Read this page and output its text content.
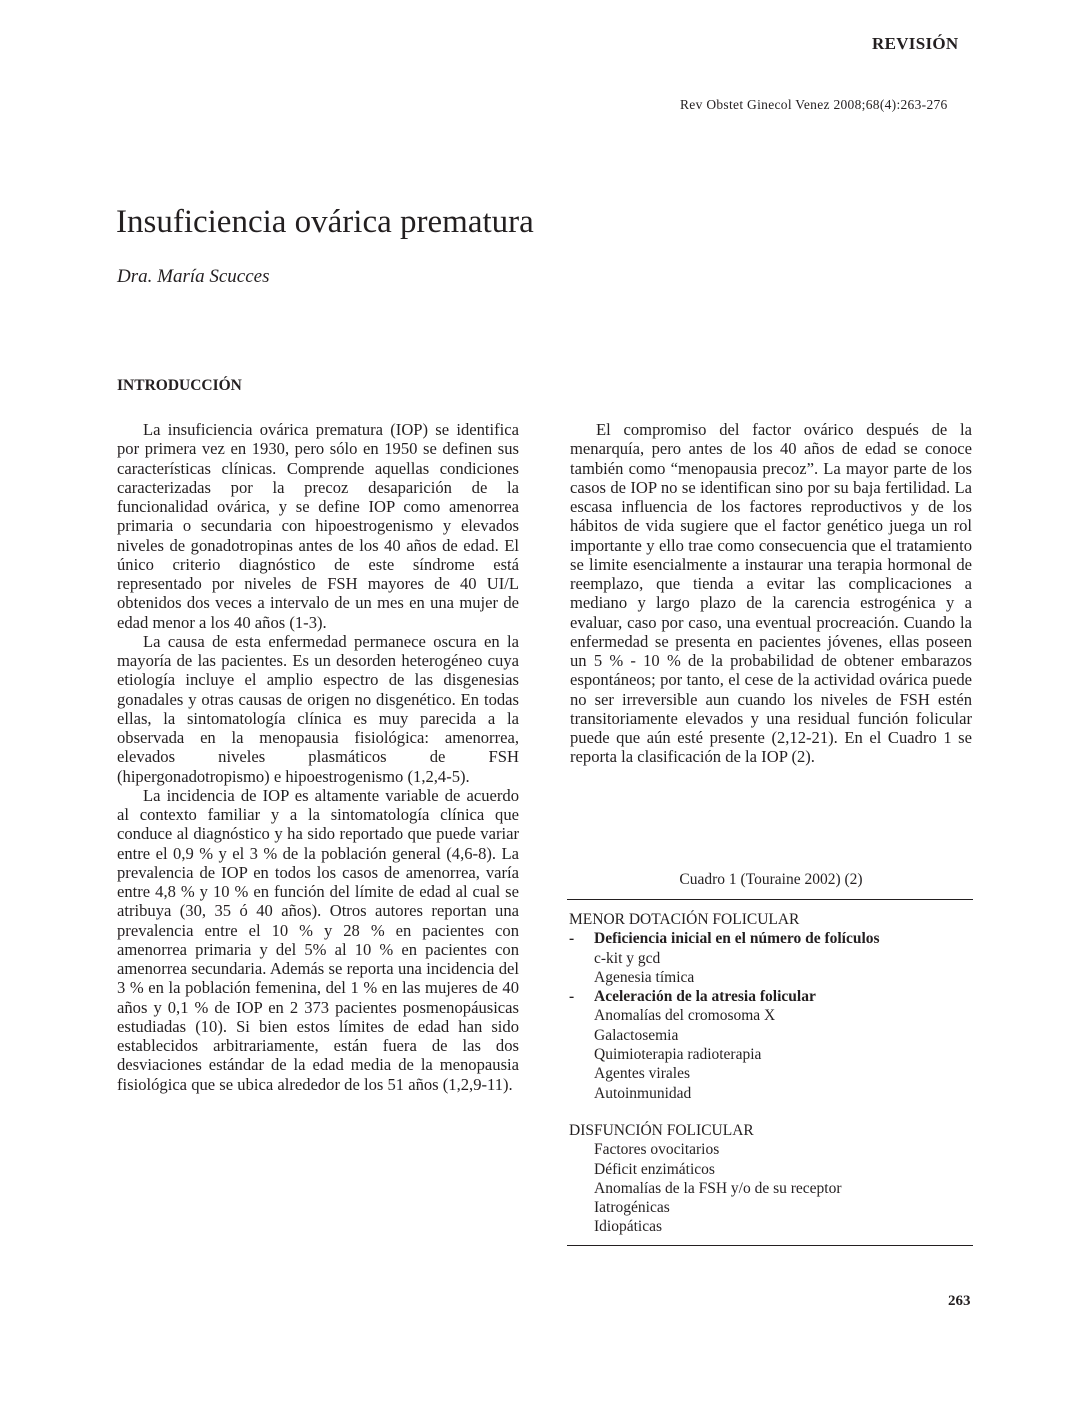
REVISIÓN
Rev Obstet Ginecol Venez 2008;68(4):263-276
Insuficiencia ovárica prematura
Dra. María Scucces
INTRODUCCIÓN

La insuficiencia ovárica prematura (IOP) se identifica por primera vez en 1930, pero sólo en 1950 se definen sus características clínicas. Comprende aquellas condiciones caracterizadas por la precoz desaparición de la funcionalidad ovárica, y se define IOP como amenorrea primaria o secundaria con hipoestrogenismo y elevados niveles de gonadotropinas antes de los 40 años de edad. El único criterio diagnóstico de este síndrome está representado por niveles de FSH mayores de 40 UI/L obtenidos dos veces a intervalo de un mes en una mujer de edad menor a los 40 años (1-3).

La causa de esta enfermedad permanece oscura en la mayoría de las pacientes. Es un desorden heterogéneo cuya etiología incluye el amplio espectro de las disgenesias gonadales y otras causas de origen no disgenético. En todas ellas, la sintomatología clínica es muy parecida a la observada en la menopausia fisiológica: amenorrea, elevados niveles plasmáticos de FSH (hipergonadotropismo) e hipoestrogenismo (1,2,4-5).

La incidencia de IOP es altamente variable de acuerdo al contexto familiar y a la sintomatología clínica que conduce al diagnóstico y ha sido reportado que puede variar entre el 0,9 % y el 3 % de la población general (4,6-8). La prevalencia de IOP en todos los casos de amenorrea, varía entre 4,8 % y 10 % en función del límite de edad al cual se atribuya (30, 35 ó 40 años). Otros autores reportan una prevalencia entre el 10 % y 28 % en pacientes con amenorrea primaria y del 5% al 10 % en pacientes con amenorrea secundaria. Además se reporta una incidencia del 3 % en la población femenina, del 1 % en las mujeres de 40 años y 0,1 % de IOP en 2 373 pacientes posmenopáusicas estudiadas (10). Si bien estos límites de edad han sido establecidos arbitrariamente, están fuera de las dos desviaciones estándar de la edad media de la menopausia fisiológica que se ubica alrededor de los 51 años (1,2,9-11).

El compromiso del factor ovárico después de la menarquía, pero antes de los 40 años de edad se conoce también como “menopausia precoz”. La mayor parte de los casos de IOP no se identifican sino por su baja fertilidad. La escasa influencia de los factores reproductivos y de los hábitos de vida sugiere que el factor genético juega un rol importante y ello trae como consecuencia que el tratamiento se limite esencialmente a instaurar una terapia hormonal de reemplazo, que tienda a evitar las complicaciones a mediano y largo plazo de la carencia estrogénica y a evaluar, caso por caso, una eventual procreación. Cuando la enfermedad se presenta en pacientes jóvenes, ellas poseen un 5 % - 10 % de la probabilidad de obtener embarazos espontáneos; por tanto, el cese de la actividad ovárica puede no ser irreversible aun cuando los niveles de FSH estén transitoriamente elevados y una residual función folicular puede que aún esté presente (2,12-21). En el Cuadro 1 se reporta la clasificación de la IOP (2).

Cuadro 1 (Touraine 2002) (2)
MENOR DOTACIÓN FOLICULAR
- Deficiencia inicial en el número de folículos
c-kit y gcd
Agenesia tímica
- Aceleración de la atresia folicular
Anomalías del cromosoma X
Galactosemia
Quimioterapia radioterapia
Agentes virales
Autoinmunidad
DISFUNCIÓN FOLICULAR
Factores ovocitarios
Déficit enzimáticos
Anomalías de la FSH y/o de su receptor
Iatrogénicas
Idiopáticas
263
